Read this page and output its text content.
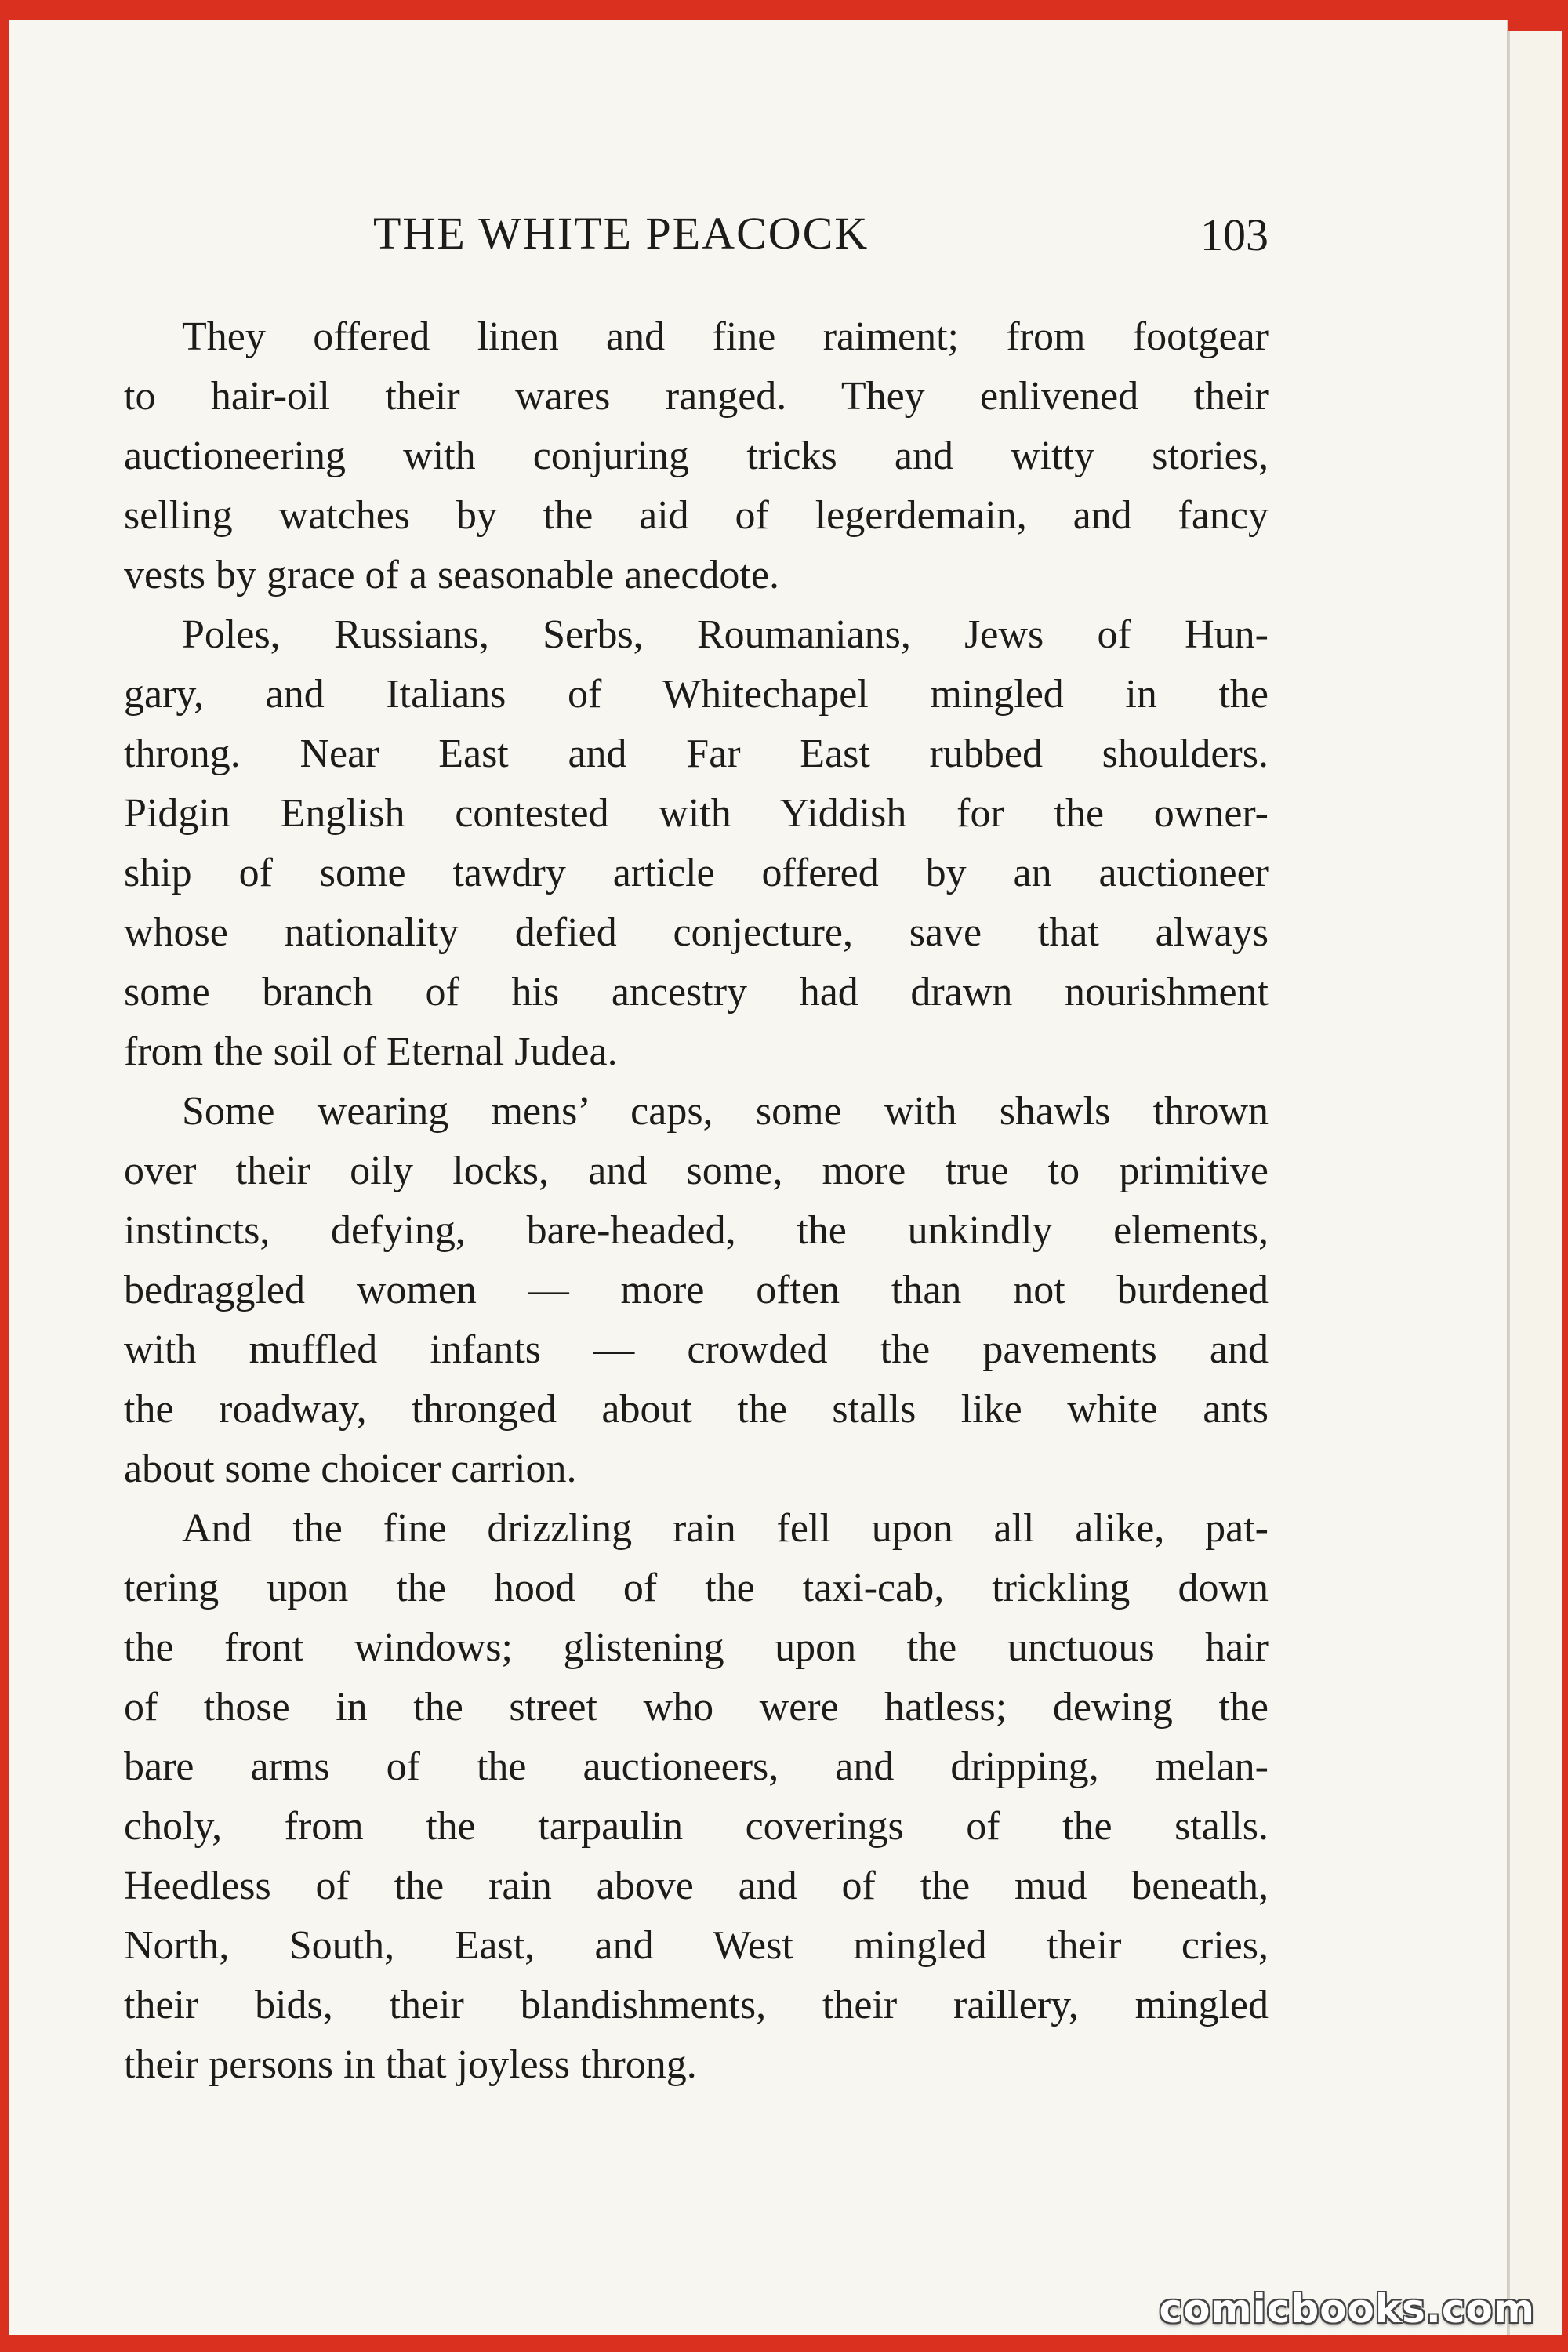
THE WHITE PEACOCK	103

They offered linen and fine raiment; from footgear
to hair-oil their wares ranged. They enlivened their
auctioneering with conjuring tricks and witty stories,
selling watches by the aid of legerdemain, and fancy
vests by grace of a seasonable anecdote.

Poles, Russians, Serbs, Roumanians, Jews of Hun-
gary, and Italians of Whitechapel mingled in the
throng. Near East and Far East rubbed shoulders.
Pidgin English contested with Yiddish for the owner-
ship of some tawdry article offered by an auctioneer
whose nationality defied conjecture, save that always
some branch of his ancestry had drawn nourishment
from the soil of Eternal Judea.

Some wearing mens’ caps, some with shawls thrown
over their oily locks, and some, more true to primitive
instincts, defying, bare-headed, the unkindly elements,
bedraggled women — more often than not burdened
with muffled infants — crowded the pavements and
the roadway, thronged about the stalls like white ants
about some choicer carrion.

And the fine drizzling rain fell upon all alike, pat-
tering upon the hood of the taxi-cab, trickling down
the front windows; glistening upon the unctuous hair
of those in the street who were hatless; dewing the
bare arms of the auctioneers, and dripping, melan-
choly, from the tarpaulin coverings of the stalls.
Heedless of the rain above and of the mud beneath,
North, South, East, and West mingled their cries,
their bids, their blandishments, their raillery, mingled
their persons in that joyless throng.

comicbooks.com
